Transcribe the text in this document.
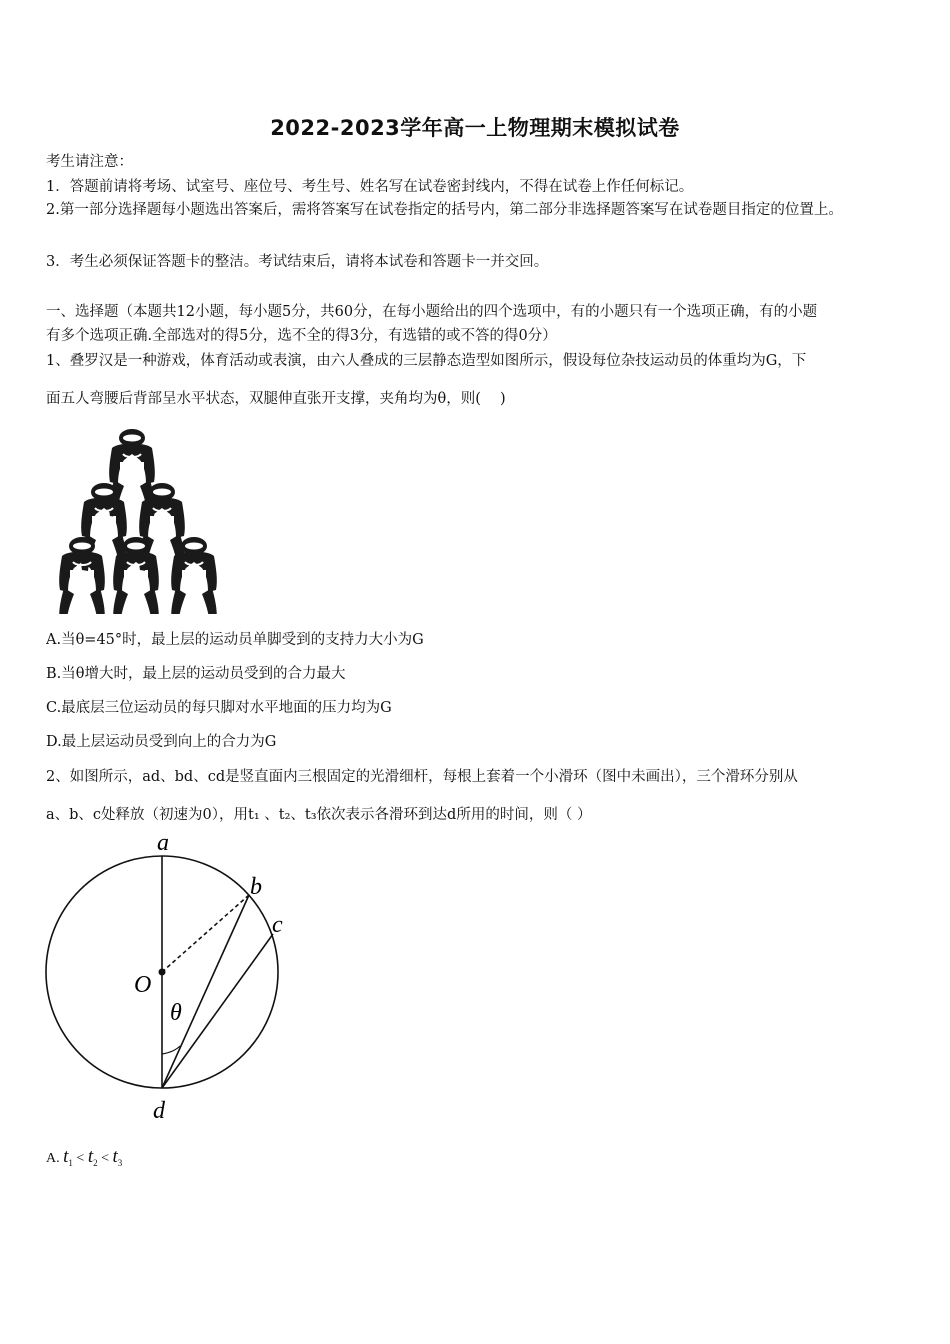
2022-2023学年高一上物理期末模拟试卷
考生请注意：
1．答题前请将考场、试室号、座位号、考生号、姓名写在试卷密封线内，不得在试卷上作任何标记。
2.第一部分选择题每小题选出答案后，需将答案写在试卷指定的括号内，第二部分非选择题答案写在试卷题目指定的位置上。
3．考生必须保证答题卡的整洁。考试结束后，请将本试卷和答题卡一并交回。
一、选择题（本题共12小题，每小题5分，共60分，在每小题给出的四个选项中，有的小题只有一个选项正确，有的小题
有多个选项正确.全部选对的得5分，选不全的得3分，有选错的或不答的得0分）
1、叠罗汉是一种游戏，体育活动或表演，由六人叠成的三层静态造型如图所示，假设每位杂技运动员的体重均为G，下
面五人弯腰后背部呈水平状态，双腿伸直张开支撑，夹角均为θ，则(　 )
A.当θ=45°时，最上层的运动员单脚受到的支持力大小为G
B.当θ增大时，最上层的运动员受到的合力最大
C.最底层三位运动员的每只脚对水平地面的压力均为G
D.最上层运动员受到向上的合力为G
2、如图所示，ad、bd、cd是竖直面内三根固定的光滑细杆，每根上套着一个小滑环（图中未画出），三个滑环分别从
a、b、c处释放（初速为0），用t₁ 、t₂、t₃依次表示各滑环到达d所用的时间，则（ ）
a
b
c
O
θ
d
A. $t_1 < t_2 < t_3$
